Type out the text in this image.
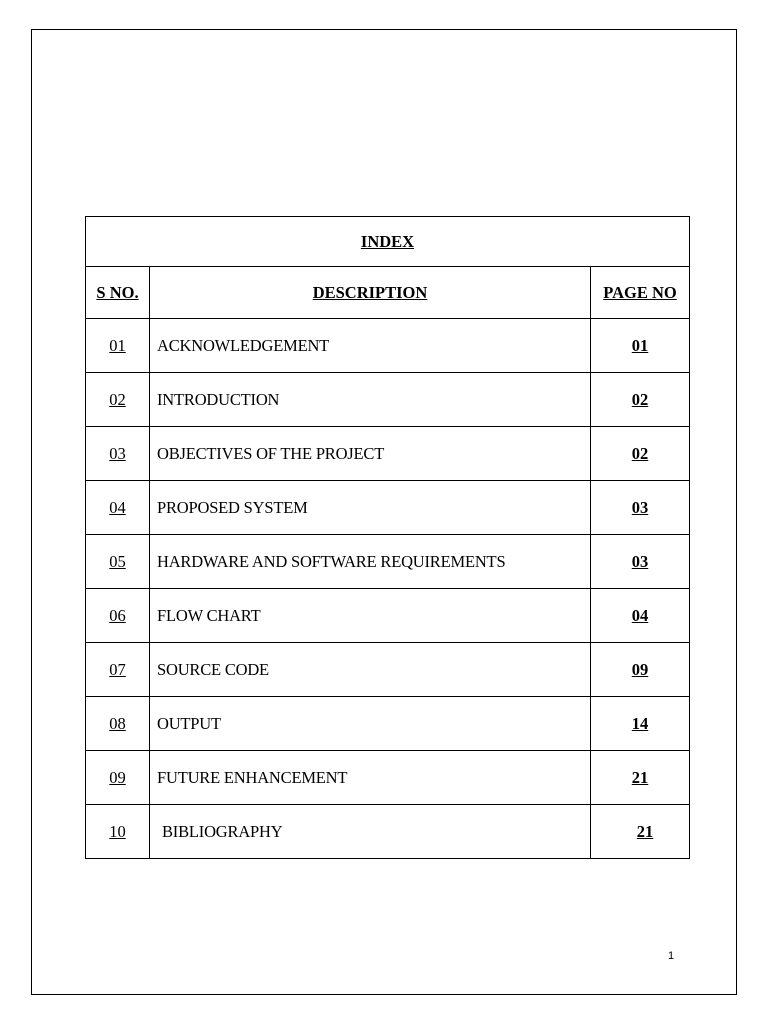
INDEX		
S NO.	DESCRIPTION	PAGE NO
01	ACKNOWLEDGEMENT	01
02	INTRODUCTION	02
03	OBJECTIVES OF THE PROJECT	02
04	PROPOSED SYSTEM	03
05	HARDWARE AND SOFTWARE REQUIREMENTS	03
06	FLOW CHART	04
07	SOURCE CODE	09
08	OUTPUT	14
09	FUTURE ENHANCEMENT	21
10	BIBLIOGRAPHY	21
1
